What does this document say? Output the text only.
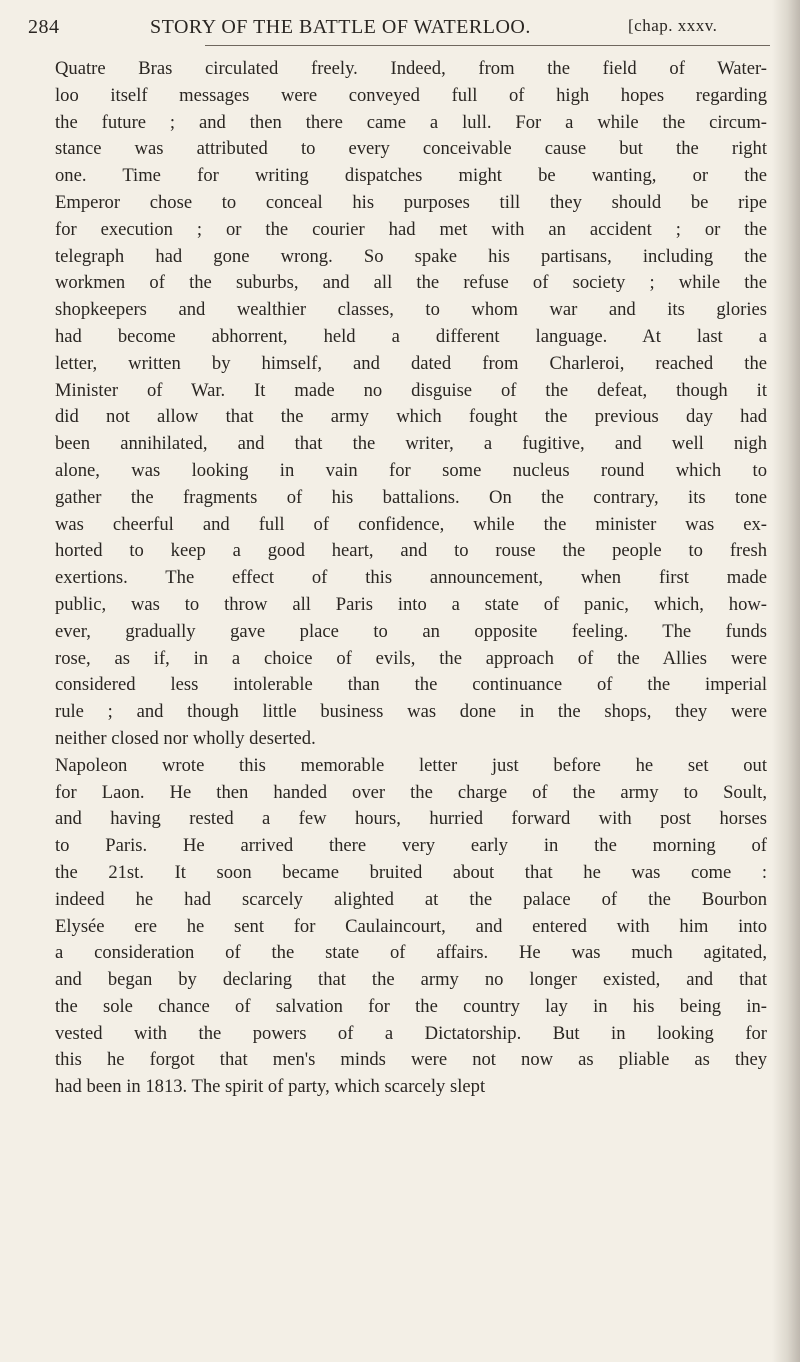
284	STORY OF THE BATTLE OF WATERLOO.	[chap. xxxv.
Quatre Bras circulated freely. Indeed, from the field of Water-
loo itself messages were conveyed full of high hopes regarding
the future ; and then there came a lull. For a while the circum-
stance was attributed to every conceivable cause but the right
one. Time for writing dispatches might be wanting, or the
Emperor chose to conceal his purposes till they should be ripe
for execution ; or the courier had met with an accident ; or the
telegraph had gone wrong. So spake his partisans, including the
workmen of the suburbs, and all the refuse of society ; while the
shopkeepers and wealthier classes, to whom war and its glories
had become abhorrent, held a different language. At last a
letter, written by himself, and dated from Charleroi, reached the
Minister of War. It made no disguise of the defeat, though it
did not allow that the army which fought the previous day had
been annihilated, and that the writer, a fugitive, and well nigh
alone, was looking in vain for some nucleus round which to
gather the fragments of his battalions. On the contrary, its tone
was cheerful and full of confidence, while the minister was ex-
horted to keep a good heart, and to rouse the people to fresh
exertions. The effect of this announcement, when first made
public, was to throw all Paris into a state of panic, which, how-
ever, gradually gave place to an opposite feeling. The funds
rose, as if, in a choice of evils, the approach of the Allies were
considered less intolerable than the continuance of the imperial
rule ; and though little business was done in the shops, they were
neither closed nor wholly deserted.
Napoleon wrote this memorable letter just before he set out
for Laon. He then handed over the charge of the army to Soult,
and having rested a few hours, hurried forward with post horses
to Paris. He arrived there very early in the morning of
the 21st. It soon became bruited about that he was come :
indeed he had scarcely alighted at the palace of the Bourbon
Elysée ere he sent for Caulaincourt, and entered with him into
a consideration of the state of affairs. He was much agitated,
and began by declaring that the army no longer existed, and that
the sole chance of salvation for the country lay in his being in-
vested with the powers of a Dictatorship. But in looking for
this he forgot that men's minds were not now as pliable as they
had been in 1813. The spirit of party, which scarcely slept
